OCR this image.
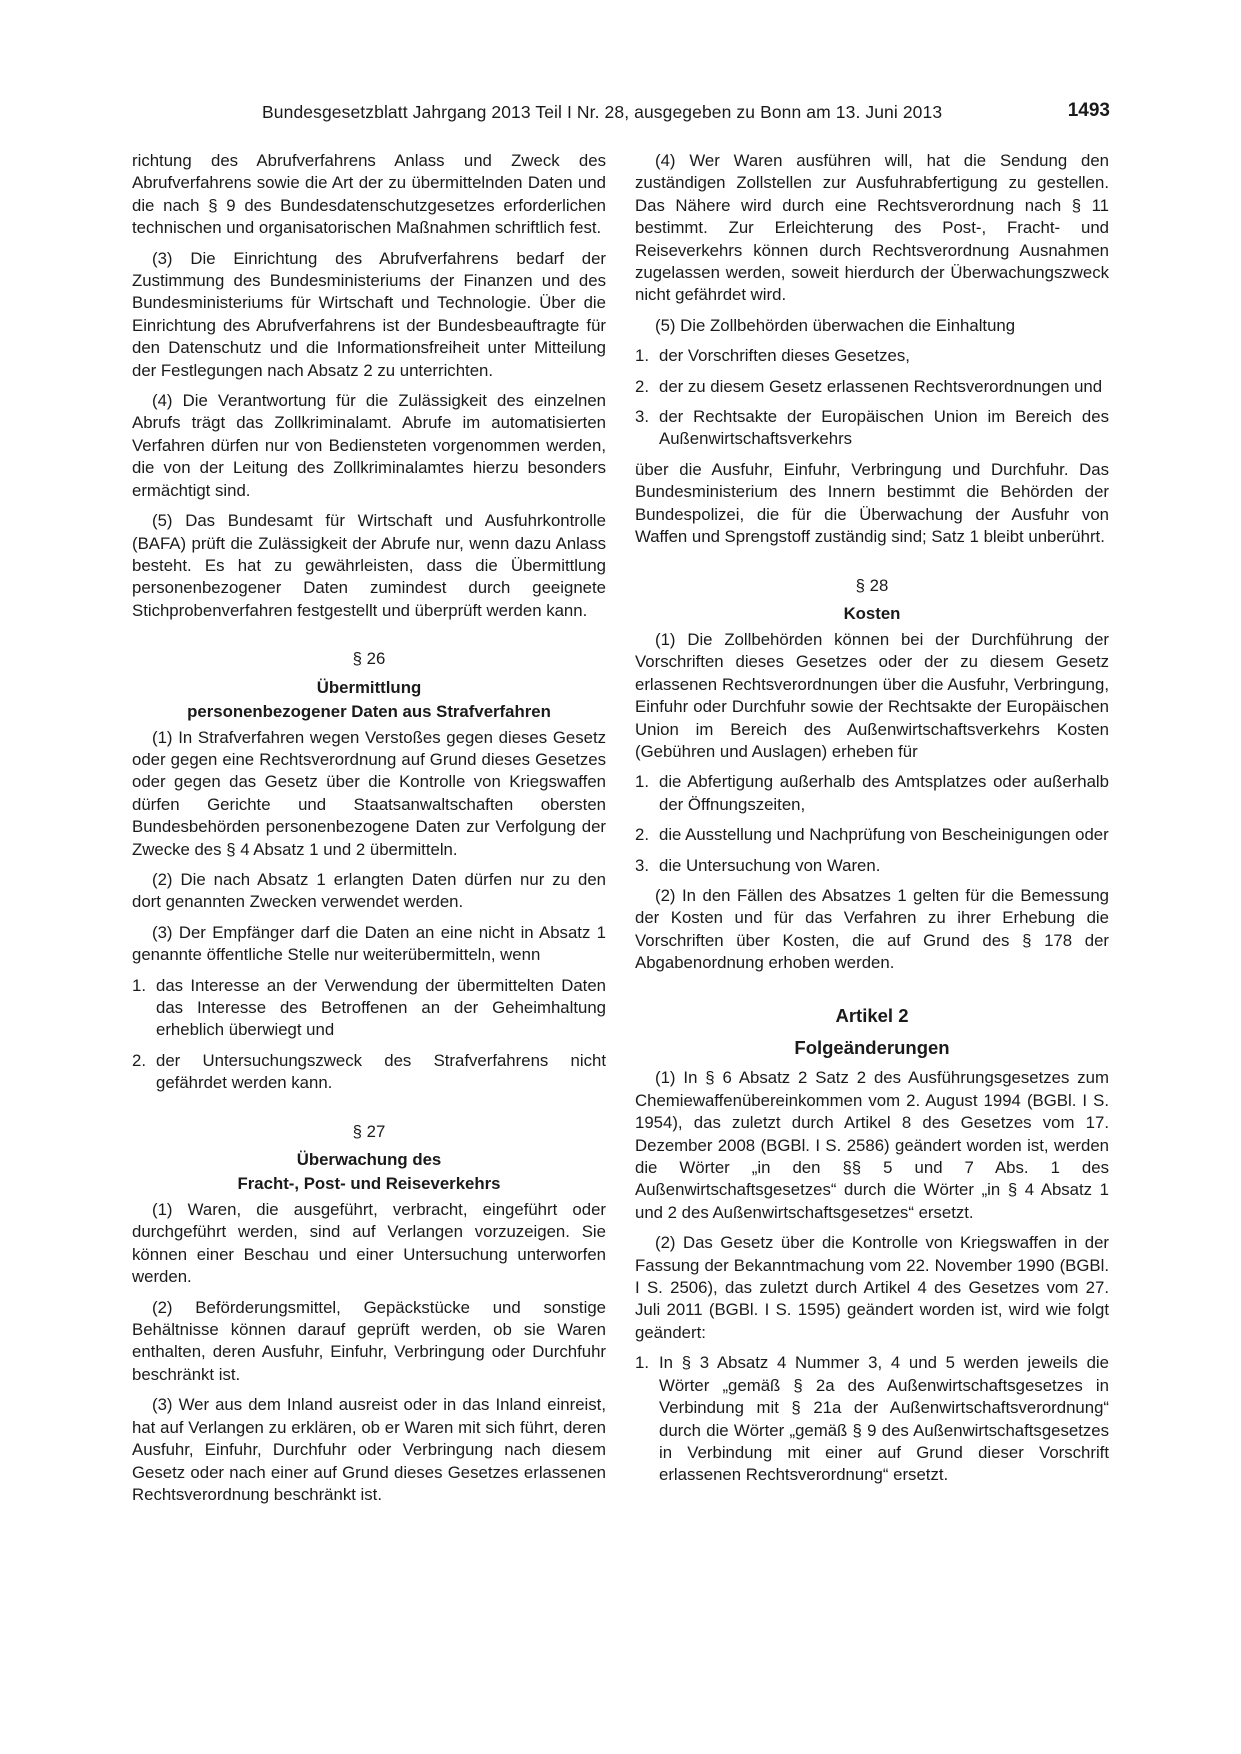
Bundesgesetzblatt Jahrgang 2013 Teil I Nr. 28, ausgegeben zu Bonn am 13. Juni 2013	1493

richtung des Abrufverfahrens Anlass und Zweck des Abrufverfahrens sowie die Art der zu übermittelnden Daten und die nach § 9 des Bundesdatenschutzgesetzes erforderlichen technischen und organisatorischen Maßnahmen schriftlich fest.

(3) Die Einrichtung des Abrufverfahrens bedarf der Zustimmung des Bundesministeriums der Finanzen und des Bundesministeriums für Wirtschaft und Technologie. Über die Einrichtung des Abrufverfahrens ist der Bundesbeauftragte für den Datenschutz und die Informationsfreiheit unter Mitteilung der Festlegungen nach Absatz 2 zu unterrichten.

(4) Die Verantwortung für die Zulässigkeit des einzelnen Abrufs trägt das Zollkriminalamt. Abrufe im automatisierten Verfahren dürfen nur von Bediensteten vorgenommen werden, die von der Leitung des Zollkriminalamtes hierzu besonders ermächtigt sind.

(5) Das Bundesamt für Wirtschaft und Ausfuhrkontrolle (BAFA) prüft die Zulässigkeit der Abrufe nur, wenn dazu Anlass besteht. Es hat zu gewährleisten, dass die Übermittlung personenbezogener Daten zumindest durch geeignete Stichprobenverfahren festgestellt und überprüft werden kann.

§ 26
Übermittlung
personenbezogener Daten aus Strafverfahren

(1) In Strafverfahren wegen Verstoßes gegen dieses Gesetz oder gegen eine Rechtsverordnung auf Grund dieses Gesetzes oder gegen das Gesetz über die Kontrolle von Kriegswaffen dürfen Gerichte und Staatsanwaltschaften obersten Bundesbehörden personenbezogene Daten zur Verfolgung der Zwecke des § 4 Absatz 1 und 2 übermitteln.

(2) Die nach Absatz 1 erlangten Daten dürfen nur zu den dort genannten Zwecken verwendet werden.

(3) Der Empfänger darf die Daten an eine nicht in Absatz 1 genannte öffentliche Stelle nur weiterübermitteln, wenn

1. das Interesse an der Verwendung der übermittelten Daten das Interesse des Betroffenen an der Geheimhaltung erheblich überwiegt und
2. der Untersuchungszweck des Strafverfahrens nicht gefährdet werden kann.
§ 27
Überwachung des
Fracht-, Post- und Reiseverkehrs

(1) Waren, die ausgeführt, verbracht, eingeführt oder durchgeführt werden, sind auf Verlangen vorzuzeigen. Sie können einer Beschau und einer Untersuchung unterworfen werden.

(2) Beförderungsmittel, Gepäckstücke und sonstige Behältnisse können darauf geprüft werden, ob sie Waren enthalten, deren Ausfuhr, Einfuhr, Verbringung oder Durchfuhr beschränkt ist.

(3) Wer aus dem Inland ausreist oder in das Inland einreist, hat auf Verlangen zu erklären, ob er Waren mit sich führt, deren Ausfuhr, Einfuhr, Durchfuhr oder Verbringung nach diesem Gesetz oder nach einer auf Grund dieses Gesetzes erlassenen Rechtsverordnung beschränkt ist.

(4) Wer Waren ausführen will, hat die Sendung den zuständigen Zollstellen zur Ausfuhrabfertigung zu gestellen. Das Nähere wird durch eine Rechtsverordnung nach § 11 bestimmt. Zur Erleichterung des Post-, Fracht- und Reiseverkehrs können durch Rechtsverordnung Ausnahmen zugelassen werden, soweit hierdurch der Überwachungszweck nicht gefährdet wird.

(5) Die Zollbehörden überwachen die Einhaltung

1. der Vorschriften dieses Gesetzes,
2. der zu diesem Gesetz erlassenen Rechtsverordnungen und
3. der Rechtsakte der Europäischen Union im Bereich des Außenwirtschaftsverkehrs

über die Ausfuhr, Einfuhr, Verbringung und Durchfuhr. Das Bundesministerium des Innern bestimmt die Behörden der Bundespolizei, die für die Überwachung der Ausfuhr von Waffen und Sprengstoff zuständig sind; Satz 1 bleibt unberührt.

§ 28
Kosten

(1) Die Zollbehörden können bei der Durchführung der Vorschriften dieses Gesetzes oder der zu diesem Gesetz erlassenen Rechtsverordnungen über die Ausfuhr, Verbringung, Einfuhr oder Durchfuhr sowie der Rechtsakte der Europäischen Union im Bereich des Außenwirtschaftsverkehrs Kosten (Gebühren und Auslagen) erheben für

1. die Abfertigung außerhalb des Amtsplatzes oder außerhalb der Öffnungszeiten,
2. die Ausstellung und Nachprüfung von Bescheinigungen oder
3. die Untersuchung von Waren.

(2) In den Fällen des Absatzes 1 gelten für die Bemessung der Kosten und für das Verfahren zu ihrer Erhebung die Vorschriften über Kosten, die auf Grund des § 178 der Abgabenordnung erhoben werden.

Artikel 2
Folgeänderungen

(1) In § 6 Absatz 2 Satz 2 des Ausführungsgesetzes zum Chemiewaffenübereinkommen vom 2. August 1994 (BGBl. I S. 1954), das zuletzt durch Artikel 8 des Gesetzes vom 17. Dezember 2008 (BGBl. I S. 2586) geändert worden ist, werden die Wörter „in den §§ 5 und 7 Abs. 1 des Außenwirtschaftsgesetzes“ durch die Wörter „in § 4 Absatz 1 und 2 des Außenwirtschaftsgesetzes“ ersetzt.

(2) Das Gesetz über die Kontrolle von Kriegswaffen in der Fassung der Bekanntmachung vom 22. November 1990 (BGBl. I S. 2506), das zuletzt durch Artikel 4 des Gesetzes vom 27. Juli 2011 (BGBl. I S. 1595) geändert worden ist, wird wie folgt geändert:

1. In § 3 Absatz 4 Nummer 3, 4 und 5 werden jeweils die Wörter „gemäß § 2a des Außenwirtschaftsgesetzes in Verbindung mit § 21a der Außenwirtschaftsverordnung“ durch die Wörter „gemäß § 9 des Außenwirtschaftsgesetzes in Verbindung mit einer auf Grund dieser Vorschrift erlassenen Rechtsverordnung“ ersetzt.
